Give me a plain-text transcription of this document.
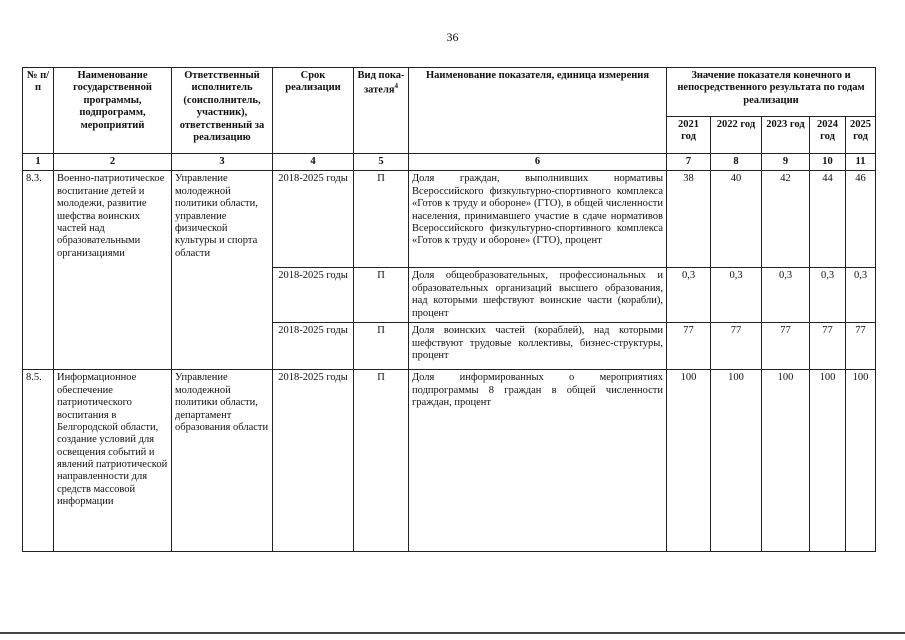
36
№ п/п	Наименование государственной программы, подпрограмм, мероприятий	Ответственный исполнитель (соисполнитель, участник), ответственный за реализацию	Срок реализации	Вид пока-зателя$^4$	Наименование показателя, единица измерения	Значение показателя конечного и непосредственного результата по годам реализации				
						2021 год	2022 год	2023 год	2024 год	2025 год
1	2	3	4	5	6	7	8	9	10	11
8.3.	Военно-патриотическое воспитание детей и молодежи, развитие шефства воинских частей над образовательными организациями	Управление молодежной политики области, управление физической культуры и спорта области	2018-2025 годы	П	Доля граждан, выполнивших нормативы Всероссийского физкультурно-спортивного комплекса «Готов к труду и обороне» (ГТО), в общей численности населения, принимавшего участие в сдаче нормативов Всероссийского физкультурно-спортивного комплекса «Готов к труду и обороне» (ГТО), процент	38	40	42	44	46
			2018-2025 годы	П	Доля общеобразовательных, профессиональных и образовательных организаций высшего образования, над которыми шефствуют воинские части (корабли), процент	0,3	0,3	0,3	0,3	0,3
			2018-2025 годы	П	Доля воинских частей (кораблей), над которыми шефствуют трудовые коллективы, бизнес-структуры, процент	77	77	77	77	77
8.5.	Информационное обеспечение патриотического воспитания в Белгородской области, создание условий для освещения событий и явлений патриотической направленности для средств массовой информации	Управление молодежной политики области, департамент образования области	2018-2025 годы	П	Доля информированных о мероприятиях подпрограммы 8 граждан в общей численности граждан, процент	100	100	100	100	100
